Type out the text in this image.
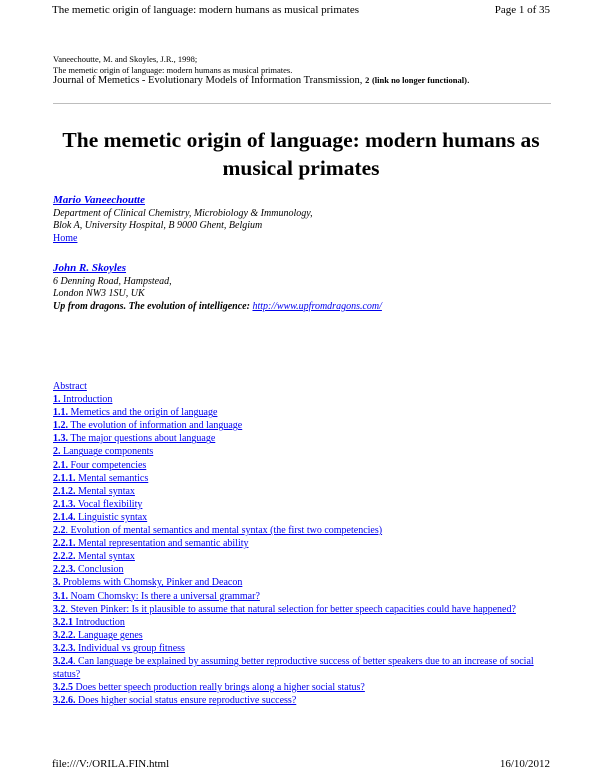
The memetic origin of language: modern humans as musical primates	Page 1 of 35
Vaneechoutte, M. and Skoyles, J.R., 1998;
The memetic origin of language: modern humans as musical primates.
Journal of Memetics - Evolutionary Models of Information Transmission, 2 (link no longer functional).
The memetic origin of language: modern humans as musical primates
Mario Vaneechoutte
Department of Clinical Chemistry, Microbiology & Immunology,
Blok A, University Hospital, B 9000 Ghent, Belgium
Home
John R. Skoyles
6 Denning Road, Hampstead,
London NW3 1SU, UK
Up from dragons. The evolution of intelligence: http://www.upfromdragons.com/
Abstract
1. Introduction
1.1. Memetics and the origin of language
1.2. The evolution of information and language
1.3. The major questions about language
2. Language components
2.1. Four competencies
2.1.1. Mental semantics
2.1.2. Mental syntax
2.1.3. Vocal flexibility
2.1.4. Linguistic syntax
2.2. Evolution of mental semantics and mental syntax (the first two competencies)
2.2.1. Mental representation and semantic ability
2.2.2. Mental syntax
2.2.3. Conclusion
3. Problems with Chomsky, Pinker and Deacon
3.1. Noam Chomsky: Is there a universal grammar?
3.2. Steven Pinker: Is it plausible to assume that natural selection for better speech capacities could have happened?
3.2.1 Introduction
3.2.2. Language genes
3.2.3. Individual vs group fitness
3.2.4. Can language be explained by assuming better reproductive success of better speakers due to an increase of social status?
3.2.5 Does better speech production really brings along a higher social status?
3.2.6. Does higher social status ensure reproductive success?
file:///V:/ORILA.FIN.html	16/10/2012
